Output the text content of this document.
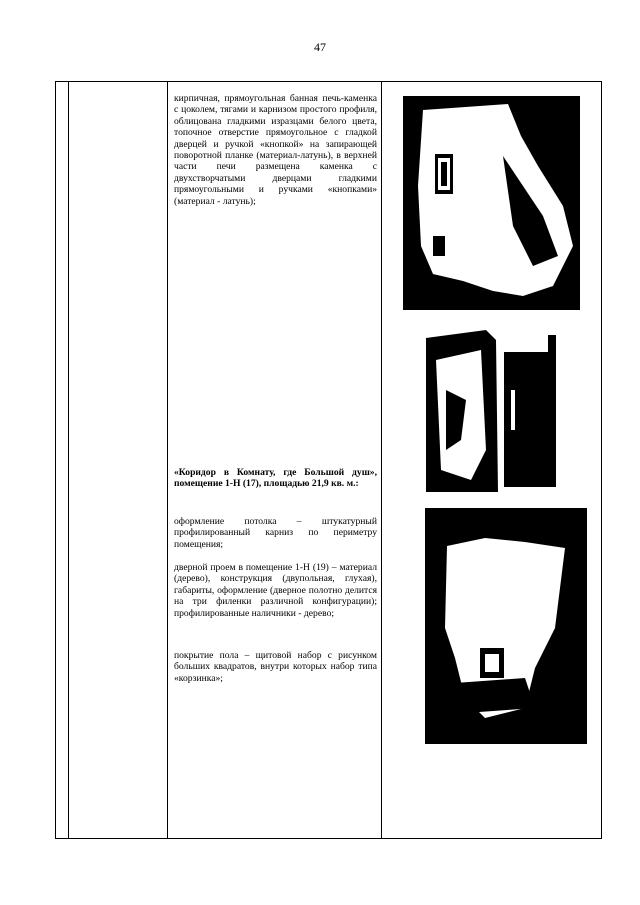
47

кирпичная, прямоугольная банная печь-каменка с цоколем, тягами и карнизом простого профиля, облицована гладкими изразцами белого цвета, топочное отверстие прямоугольное с гладкой дверцей и ручкой «кнопкой» на запирающей поворотной планке (материал-латунь), в верхней части печи размещена каменка с двухстворчатыми дверцами гладкими прямоугольными и ручками «кнопками» (материал - латунь);

«Коридор в Комнату, где Большой душ», помещение 1-Н (17), площадью 21,9 кв. м.:

оформление потолка – штукатурный профилированный карниз по периметру помещения;

дверной проем в помещение 1-Н (19) – материал (дерево), конструкция (двупольная, глухая), габариты, оформление (дверное полотно делится на три филенки различной конфигурации); профилированные наличники - дерево;

покрытие пола – щитовой набор с рисунком больших квадратов, внутри которых набор типа «корзинка»;
